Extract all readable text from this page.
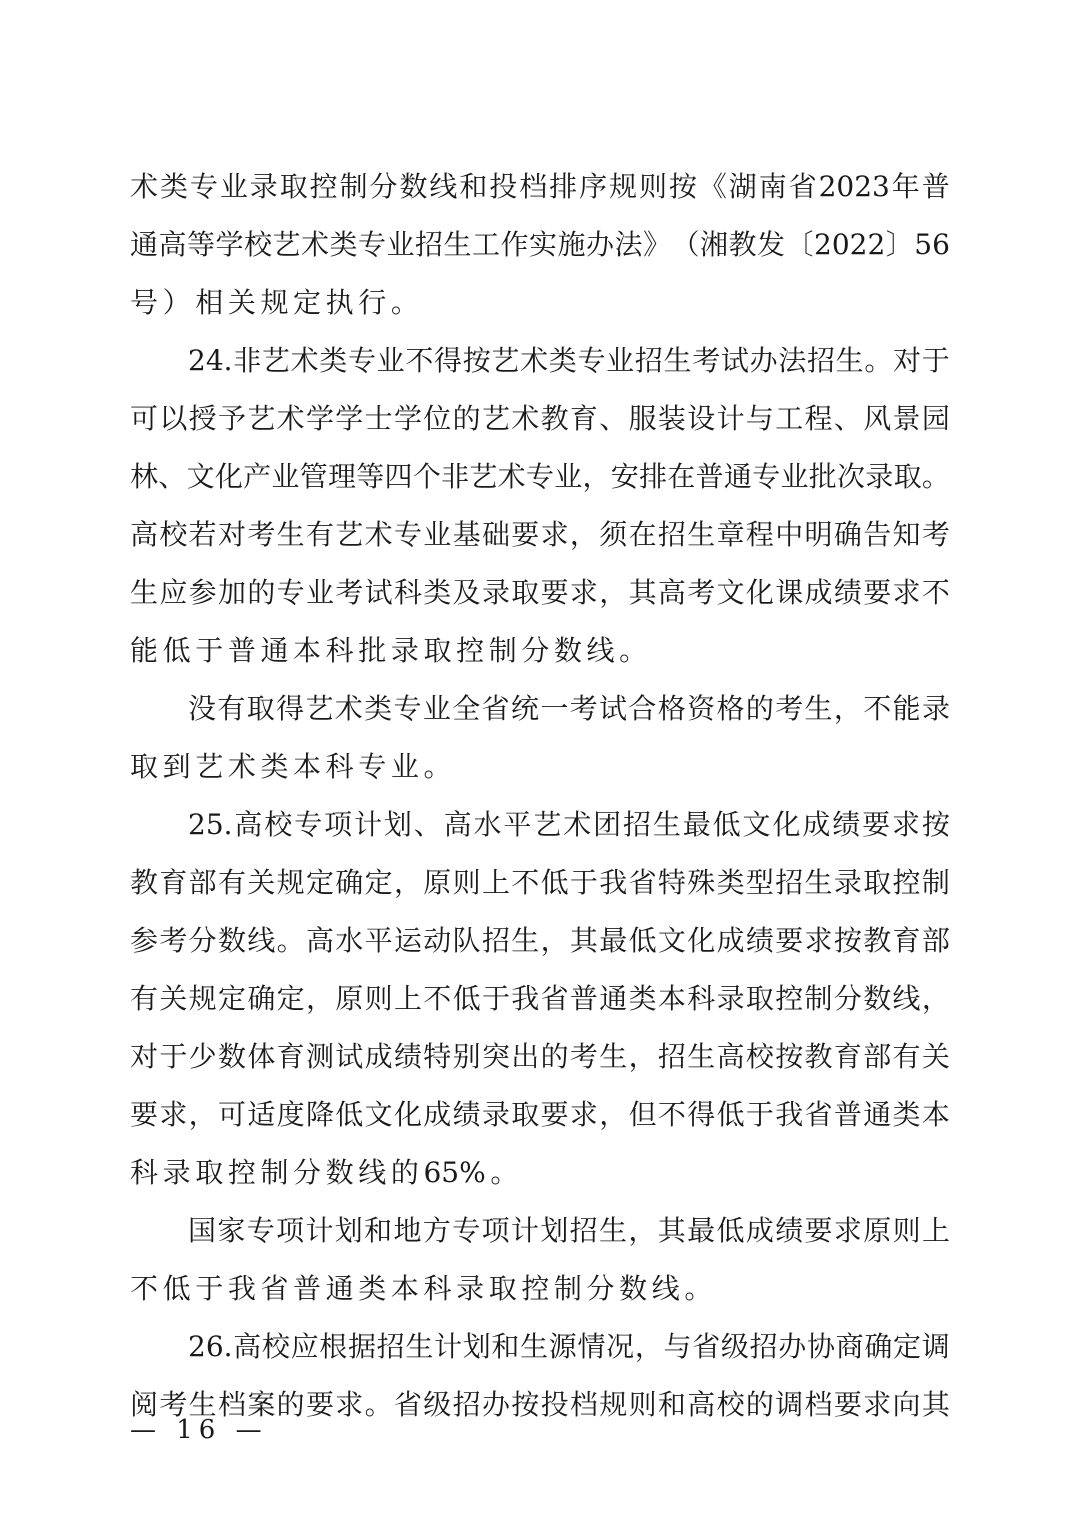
术 类 专 业 录 取 控 制 分 数 线 和 投 档 排 序 规 则 按 《 湖 南 省 2023 年 普
通 高 等 学 校 艺 术 类 专 业 招 生 工 作 实 施 办 法 》 （ 湘 教 发 〔 2022 〕 56
号 ） 相 关 规 定 执 行 。
24. 非 艺 术 类 专 业 不 得 按 艺 术 类 专 业 招 生 考 试 办 法 招 生 。 对 于
可 以 授 予 艺 术 学 学 士 学 位 的 艺 术 教 育 、 服 装 设 计 与 工 程 、 风 景 园
林 、 文 化 产 业 管 理 等 四 个 非 艺 术 专 业 ， 安 排 在 普 通 专 业 批 次 录 取 。
高 校 若 对 考 生 有 艺 术 专 业 基 础 要 求 ， 须 在 招 生 章 程 中 明 确 告 知 考
生 应 参 加 的 专 业 考 试 科 类 及 录 取 要 求 ， 其 高 考 文 化 课 成 绩 要 求 不
能 低 于 普 通 本 科 批 录 取 控 制 分 数 线 。
没 有 取 得 艺 术 类 专 业 全 省 统 一 考 试 合 格 资 格 的 考 生 ， 不 能 录
取 到 艺 术 类 本 科 专 业 。
25. 高 校 专 项 计 划 、 高 水 平 艺 术 团 招 生 最 低 文 化 成 绩 要 求 按
教 育 部 有 关 规 定 确 定 ， 原 则 上 不 低 于 我 省 特 殊 类 型 招 生 录 取 控 制
参 考 分 数 线 。 高 水 平 运 动 队 招 生 ， 其 最 低 文 化 成 绩 要 求 按 教 育 部
有 关 规 定 确 定 ， 原 则 上 不 低 于 我 省 普 通 类 本 科 录 取 控 制 分 数 线 ，
对 于 少 数 体 育 测 试 成 绩 特 别 突 出 的 考 生 ， 招 生 高 校 按 教 育 部 有 关
要 求 ， 可 适 度 降 低 文 化 成 绩 录 取 要 求 ， 但 不 得 低 于 我 省 普 通 类 本
科 录 取 控 制 分 数 线 的 65% 。
国 家 专 项 计 划 和 地 方 专 项 计 划 招 生 ， 其 最 低 成 绩 要 求 原 则 上
不 低 于 我 省 普 通 类 本 科 录 取 控 制 分 数 线 。
26. 高 校 应 根 据 招 生 计 划 和 生 源 情 况 ， 与 省 级 招 办 协 商 确 定 调
阅 考 生 档 案 的 要 求 。 省 级 招 办 按 投 档 规 则 和 高 校 的 调 档 要 求 向 其
— 16 —
